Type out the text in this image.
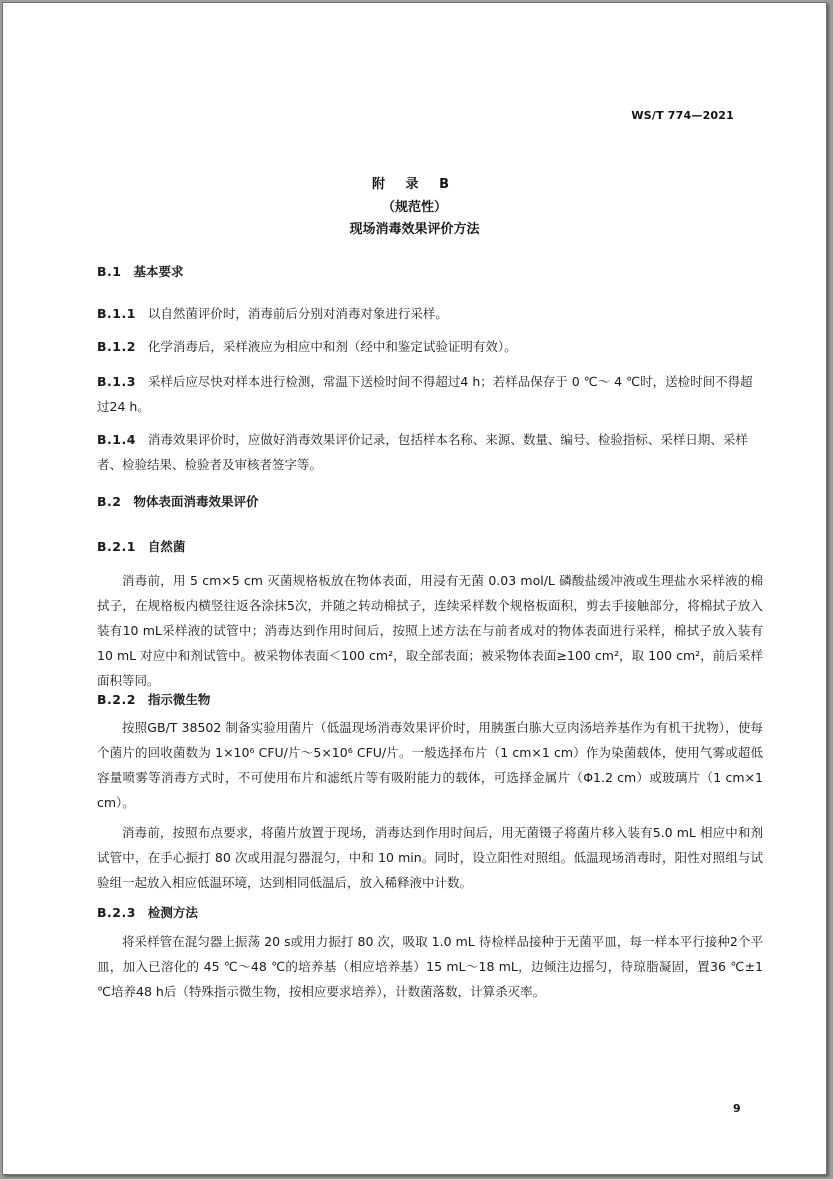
WS/T 774—2021
附 录 B
（规范性）
现场消毒效果评价方法
B.1 基本要求
B.1.1 以自然菌评价时，消毒前后分别对消毒对象进行采样。
B.1.2 化学消毒后，采样液应为相应中和剂（经中和鉴定试验证明有效）。
B.1.3 采样后应尽快对样本进行检测，常温下送检时间不得超过4 h；若样品保存于 0 ℃～ 4 ℃时，送检时间不得超过24 h。
B.1.4 消毒效果评价时，应做好消毒效果评价记录，包括样本名称、来源、数量、编号、检验指标、采样日期、采样者、检验结果、检验者及审核者签字等。
B.2 物体表面消毒效果评价
B.2.1 自然菌
消毒前，用 5 cm×5 cm 灭菌规格板放在物体表面，用浸有无菌 0.03 mol/L 磷酸盐缓冲液或生理盐水采样液的棉拭子，在规格板内横竖往返各涂抹5次，并随之转动棉拭子，连续采样数个规格板面积，剪去手接触部分，将棉拭子放入装有10 mL采样液的试管中；消毒达到作用时间后，按照上述方法在与前者成对的物体表面进行采样，棉拭子放入装有 10 mL 对应中和剂试管中。被采物体表面＜100 cm²，取全部表面；被采物体表面≥100 cm²，取 100 cm²，前后采样面积等同。
B.2.2 指示微生物
按照GB/T 38502 制备实验用菌片（低温现场消毒效果评价时，用胰蛋白胨大豆肉汤培养基作为有机干扰物），使每个菌片的回收菌数为 1×10⁶ CFU/片～5×10⁶ CFU/片。一般选择布片（1 cm×1 cm）作为染菌载体，使用气雾或超低容量喷雾等消毒方式时，不可使用布片和滤纸片等有吸附能力的载体，可选择金属片（Φ1.2 cm）或玻璃片（1 cm×1 cm）。
消毒前，按照布点要求，将菌片放置于现场，消毒达到作用时间后，用无菌镊子将菌片移入装有5.0 mL 相应中和剂试管中，在手心振打 80 次或用混匀器混匀，中和 10 min。同时，设立阳性对照组。低温现场消毒时，阳性对照组与试验组一起放入相应低温环境，达到相同低温后，放入稀释液中计数。
B.2.3 检测方法
将采样管在混匀器上振荡 20 s或用力振打 80 次，吸取 1.0 mL 待检样品接种于无菌平皿，每一样本平行接种2个平皿，加入已溶化的 45 ℃～48 ℃的培养基（相应培养基）15 mL～18 mL，边倾注边摇匀，待琼脂凝固，置36 ℃±1 ℃培养48 h后（特殊指示微生物，按相应要求培养），计数菌落数，计算杀灭率。
9
